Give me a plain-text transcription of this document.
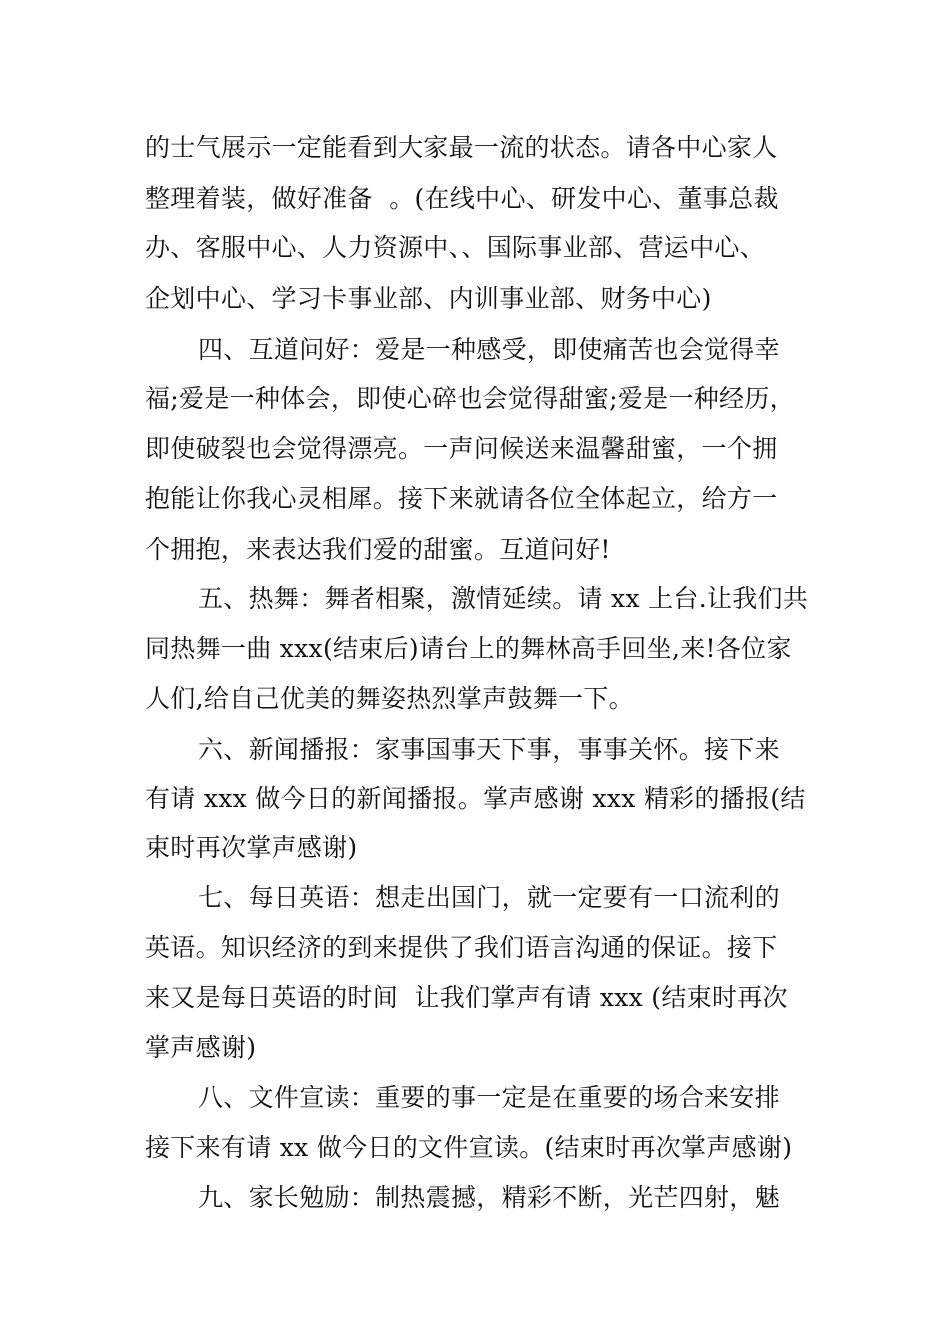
的士气展示一定能看到大家最一流的状态。请各中心家人
整理着装，做好准备  。(在线中心、研发中心、董事总裁
办、客服中心、人力资源中、、国际事业部、营运中心、
企划中心、学习卡事业部、内训事业部、财务中心)
四、互道问好：爱是一种感受，即使痛苦也会觉得幸
福;爱是一种体会，即使心碎也会觉得甜蜜;爱是一种经历，
即使破裂也会觉得漂亮。一声问候送来温馨甜蜜，一个拥
抱能让你我心灵相犀。接下来就请各位全体起立，给方一
个拥抱，来表达我们爱的甜蜜。互道问好!
五、热舞：舞者相聚，激情延续。请 xx 上台.让我们共
同热舞一曲 xxx(结束后)请台上的舞林高手回坐,来!各位家
人们,给自己优美的舞姿热烈掌声鼓舞一下。
六、新闻播报：家事国事天下事，事事关怀。接下来
有请 xxx 做今日的新闻播报。掌声感谢 xxx 精彩的播报(结
束时再次掌声感谢)
七、每日英语：想走出国门，就一定要有一口流利的
英语。知识经济的到来提供了我们语言沟通的保证。接下
来又是每日英语的时间  让我们掌声有请 xxx (结束时再次
掌声感谢)
八、文件宣读：重要的事一定是在重要的场合来安排
接下来有请 xx 做今日的文件宣读。(结束时再次掌声感谢)
九、家长勉励：制热震撼，精彩不断，光芒四射，魅
